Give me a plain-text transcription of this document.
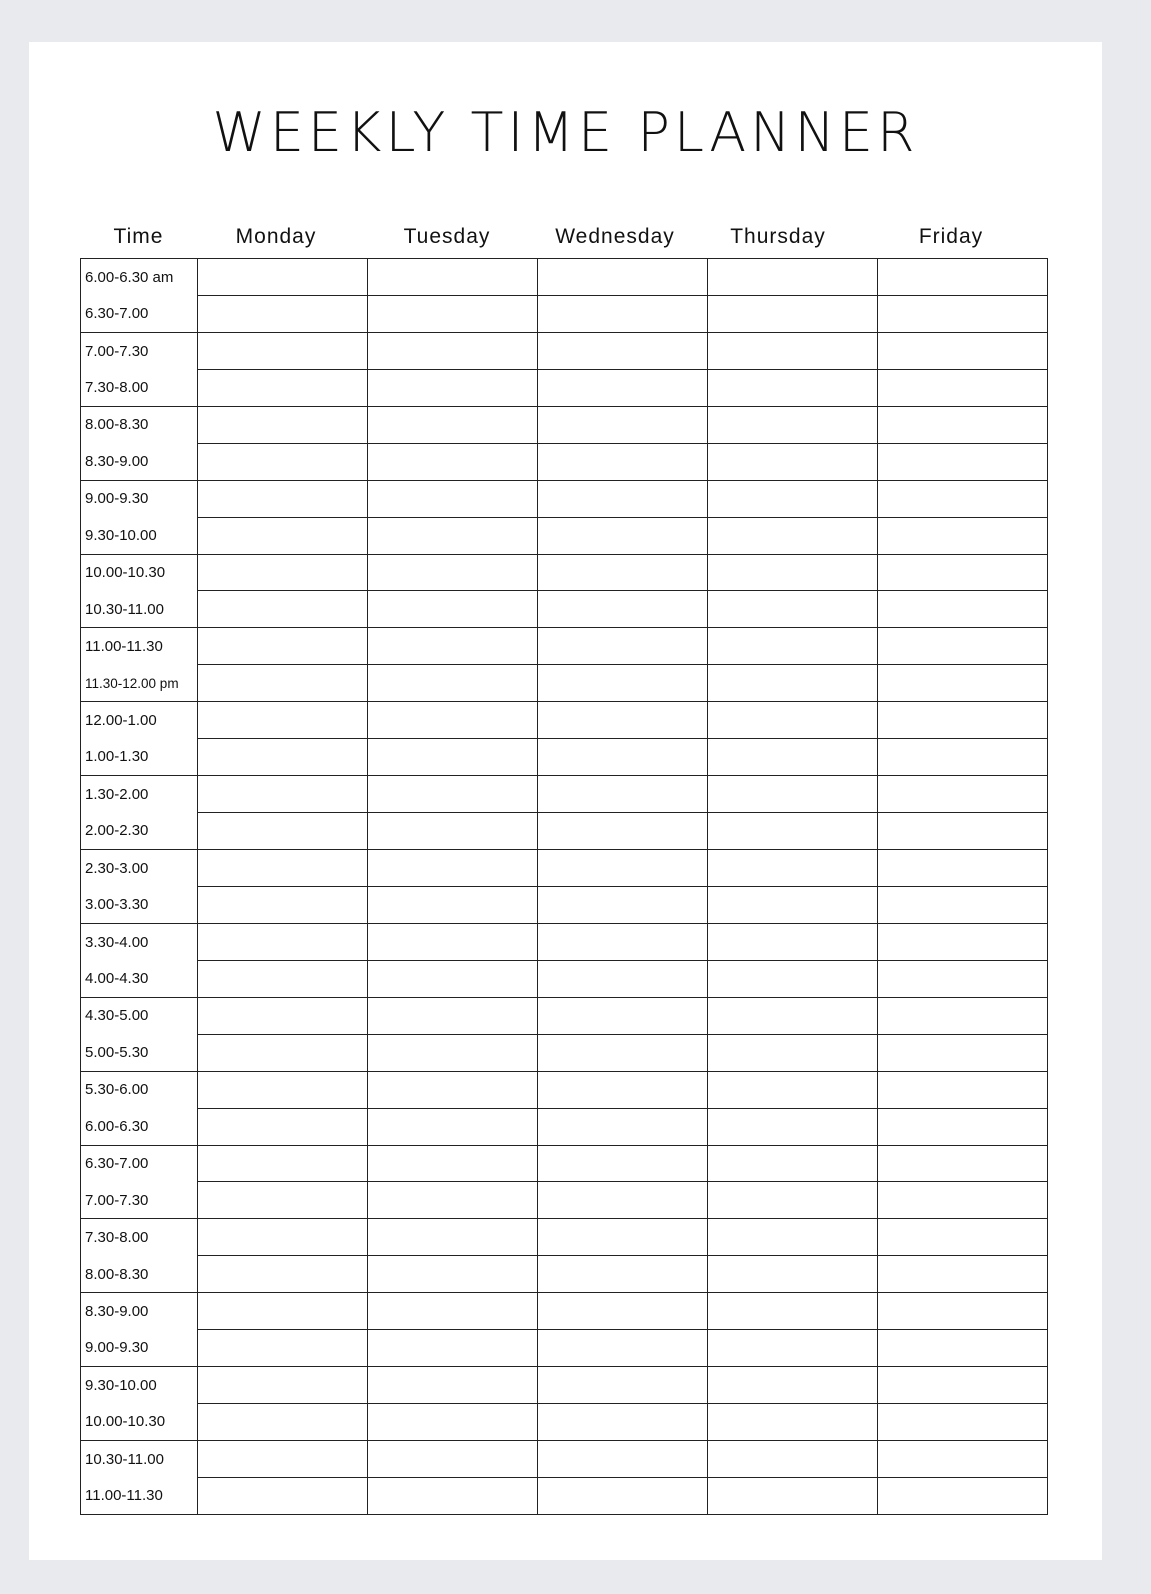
WEEKLY TIME PLANNER
Time	Monday	Tuesday	Wednesday	Thursday	Friday
6.00-6.30 am					
6.30-7.00					
7.00-7.30					
7.30-8.00					
8.00-8.30					
8.30-9.00					
9.00-9.30					
9.30-10.00					
10.00-10.30					
10.30-11.00					
11.00-11.30					
11.30-12.00 pm					
12.00-1.00					
1.00-1.30					
1.30-2.00					
2.00-2.30					
2.30-3.00					
3.00-3.30					
3.30-4.00					
4.00-4.30					
4.30-5.00					
5.00-5.30					
5.30-6.00					
6.00-6.30					
6.30-7.00					
7.00-7.30					
7.30-8.00					
8.00-8.30					
8.30-9.00					
9.00-9.30					
9.30-10.00					
10.00-10.30					
10.30-11.00					
11.00-11.30					
